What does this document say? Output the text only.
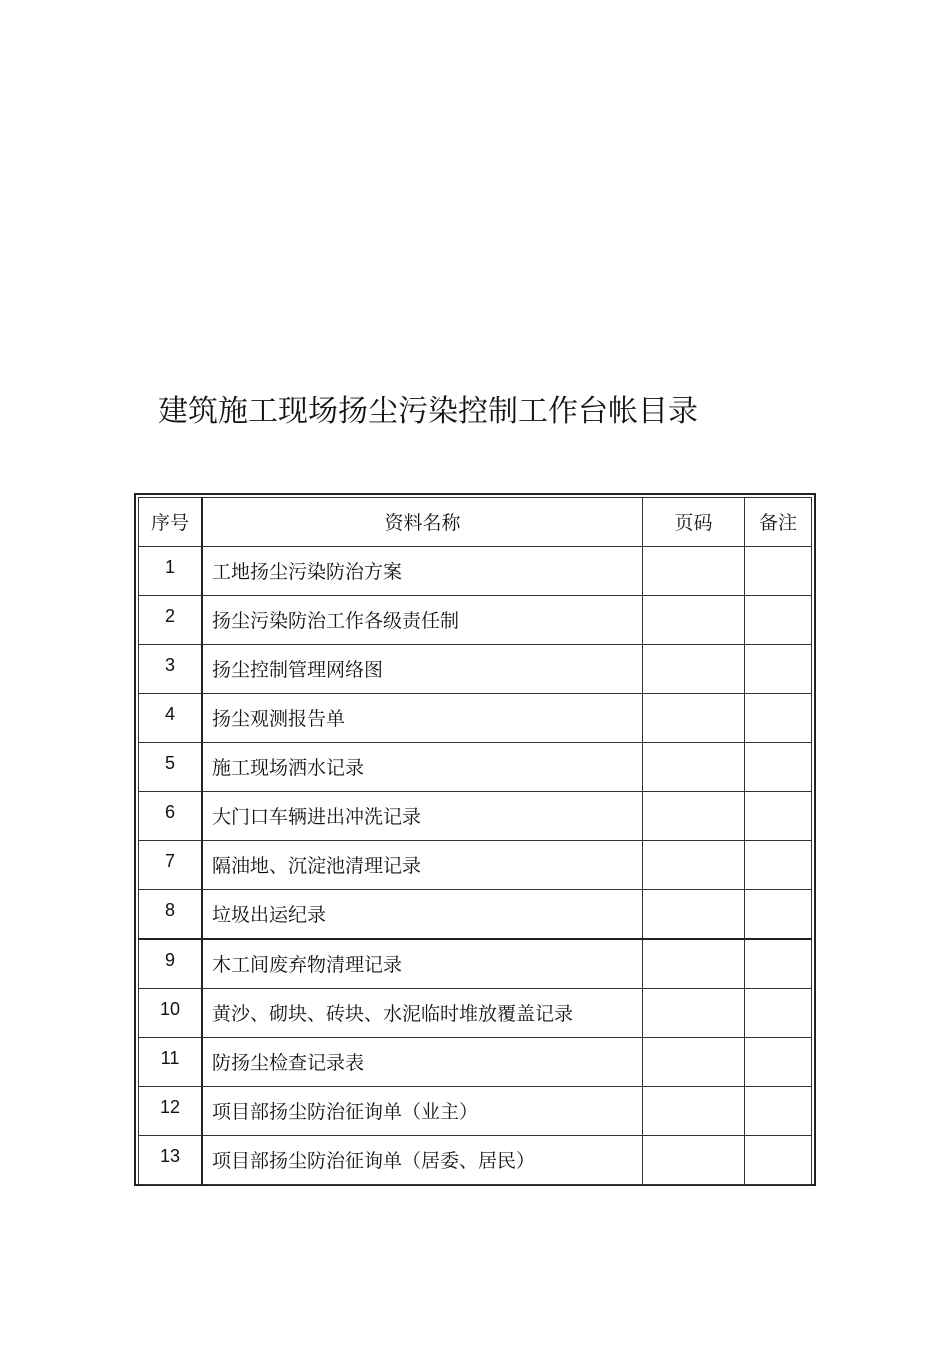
建筑施工现场扬尘污染控制工作台帐目录
序号	资料名称	页码	备注

1	工地扬尘污染防治方案		

2	扬尘污染防治工作各级责任制		

3	扬尘控制管理网络图		

4	扬尘观测报告单		

5	施工现场洒水记录		

6	大门口车辆进出冲洗记录		

7	隔油地、沉淀池清理记录		

8	垃圾出运纪录		

9	木工间废弃物清理记录		

10	黄沙、砌块、砖块、水泥临时堆放覆盖记录		

11	防扬尘检查记录表		

12	项目部扬尘防治征询单（业主）		

13	项目部扬尘防治征询单（居委、居民）		
